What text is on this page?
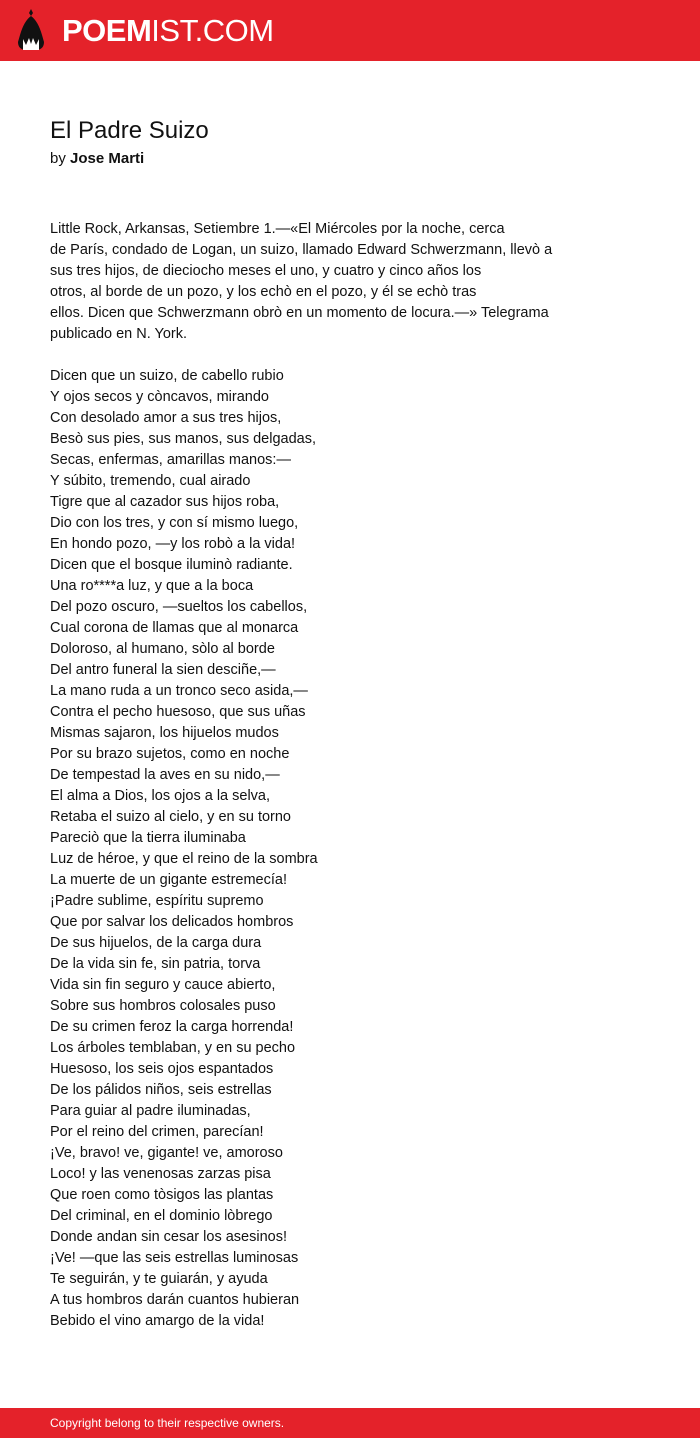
POEMIST.COM
El Padre Suizo
by Jose Marti
Little Rock, Arkansas, Setiembre 1.—«El Miércoles por la noche, cerca
de París, condado de Logan, un suizo, llamado Edward Schwerzmann, llevò a
sus tres hijos, de dieciocho meses el uno, y cuatro y cinco años los
otros, al borde de un pozo, y los echò en el pozo, y él se echò tras
ellos. Dicen que Schwerzmann obrò en un momento de locura.—» Telegrama
publicado en N. York.
Dicen que un suizo, de cabello rubio
Y ojos secos y còncavos, mirando
Con desolado amor a sus tres hijos,
Besò sus pies, sus manos, sus delgadas,
Secas, enfermas, amarillas manos:—
Y súbito, tremendo, cual airado
Tigre que al cazador sus hijos roba,
Dio con los tres, y con sí mismo luego,
En hondo pozo, —y los robò a la vida!
Dicen que el bosque iluminò radiante.
Una ro****a luz, y que a la boca
Del pozo oscuro, —sueltos los cabellos,
Cual corona de llamas que al monarca
Doloroso, al humano, sòlo al borde
Del antro funeral la sien desciñe,—
La mano ruda a un tronco seco asida,—
Contra el pecho huesoso, que sus uñas
Mismas sajaron, los hijuelos mudos
Por su brazo sujetos, como en noche
De tempestad la aves en su nido,—
El alma a Dios, los ojos a la selva,
Retaba el suizo al cielo, y en su torno
Pareciò que la tierra iluminaba
Luz de héroe, y que el reino de la sombra
La muerte de un gigante estremecía!
¡Padre sublime, espíritu supremo
Que por salvar los delicados hombros
De sus hijuelos, de la carga dura
De la vida sin fe, sin patria, torva
Vida sin fin seguro y cauce abierto,
Sobre sus hombros colosales puso
De su crimen feroz la carga horrenda!
Los árboles temblaban, y en su pecho
Huesoso, los seis ojos espantados
De los pálidos niños, seis estrellas
Para guiar al padre iluminadas,
Por el reino del crimen, parecían!
¡Ve, bravo! ve, gigante! ve, amoroso
Loco! y las venenosas zarzas pisa
Que roen como tòsigos las plantas
Del criminal, en el dominio lòbrego
Donde andan sin cesar los asesinos!
¡Ve! —que las seis estrellas luminosas
Te seguirán, y te guiarán, y ayuda
A tus hombros darán cuantos hubieran
Bebido el vino amargo de la vida!
Copyright belong to their respective owners.
